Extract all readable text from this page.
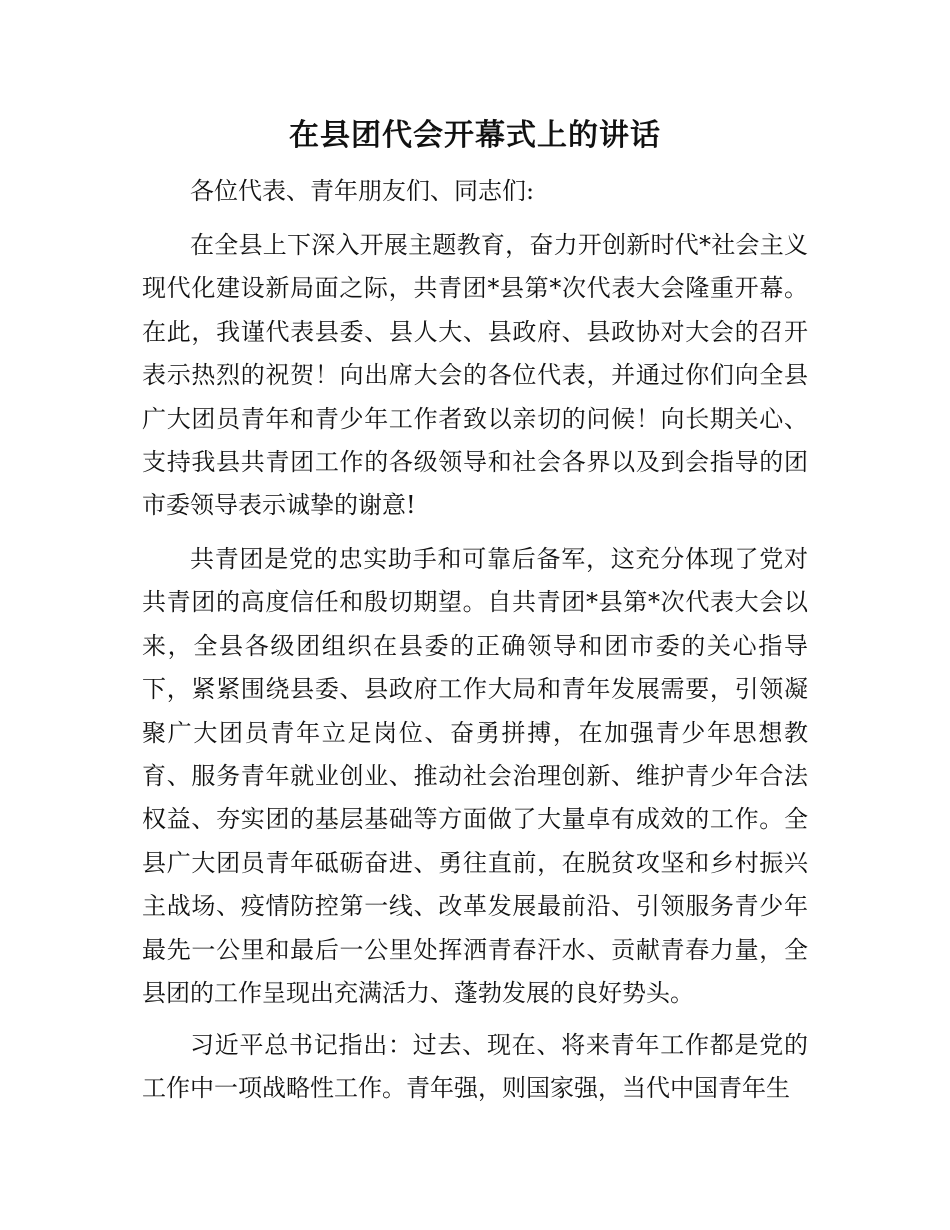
在县团代会开幕式上的讲话
各位代表、青年朋友们、同志们:
在全县上下深入开展主题教育，奋力开创新时代*社会主义现代化建设新局面之际，共青团*县第*次代表大会隆重开幕。在此，我谨代表县委、县人大、县政府、县政协对大会的召开表示热烈的祝贺！向出席大会的各位代表，并通过你们向全县广大团员青年和青少年工作者致以亲切的问候！向长期关心、支持我县共青团工作的各级领导和社会各界以及到会指导的团市委领导表示诚挚的谢意!
共青团是党的忠实助手和可靠后备军，这充分体现了党对共青团的高度信任和殷切期望。自共青团*县第*次代表大会以来，全县各级团组织在县委的正确领导和团市委的关心指导下，紧紧围绕县委、县政府工作大局和青年发展需要，引领凝聚广大团员青年立足岗位、奋勇拼搏，在加强青少年思想教育、服务青年就业创业、推动社会治理创新、维护青少年合法权益、夯实团的基层基础等方面做了大量卓有成效的工作。全县广大团员青年砥砺奋进、勇往直前，在脱贫攻坚和乡村振兴主战场、疫情防控第一线、改革发展最前沿、引领服务青少年最先一公里和最后一公里处挥洒青春汗水、贡献青春力量，全县团的工作呈现出充满活力、蓬勃发展的良好势头。
习近平总书记指出：过去、现在、将来青年工作都是党的工作中一项战略性工作。青年强，则国家强，当代中国青年生
